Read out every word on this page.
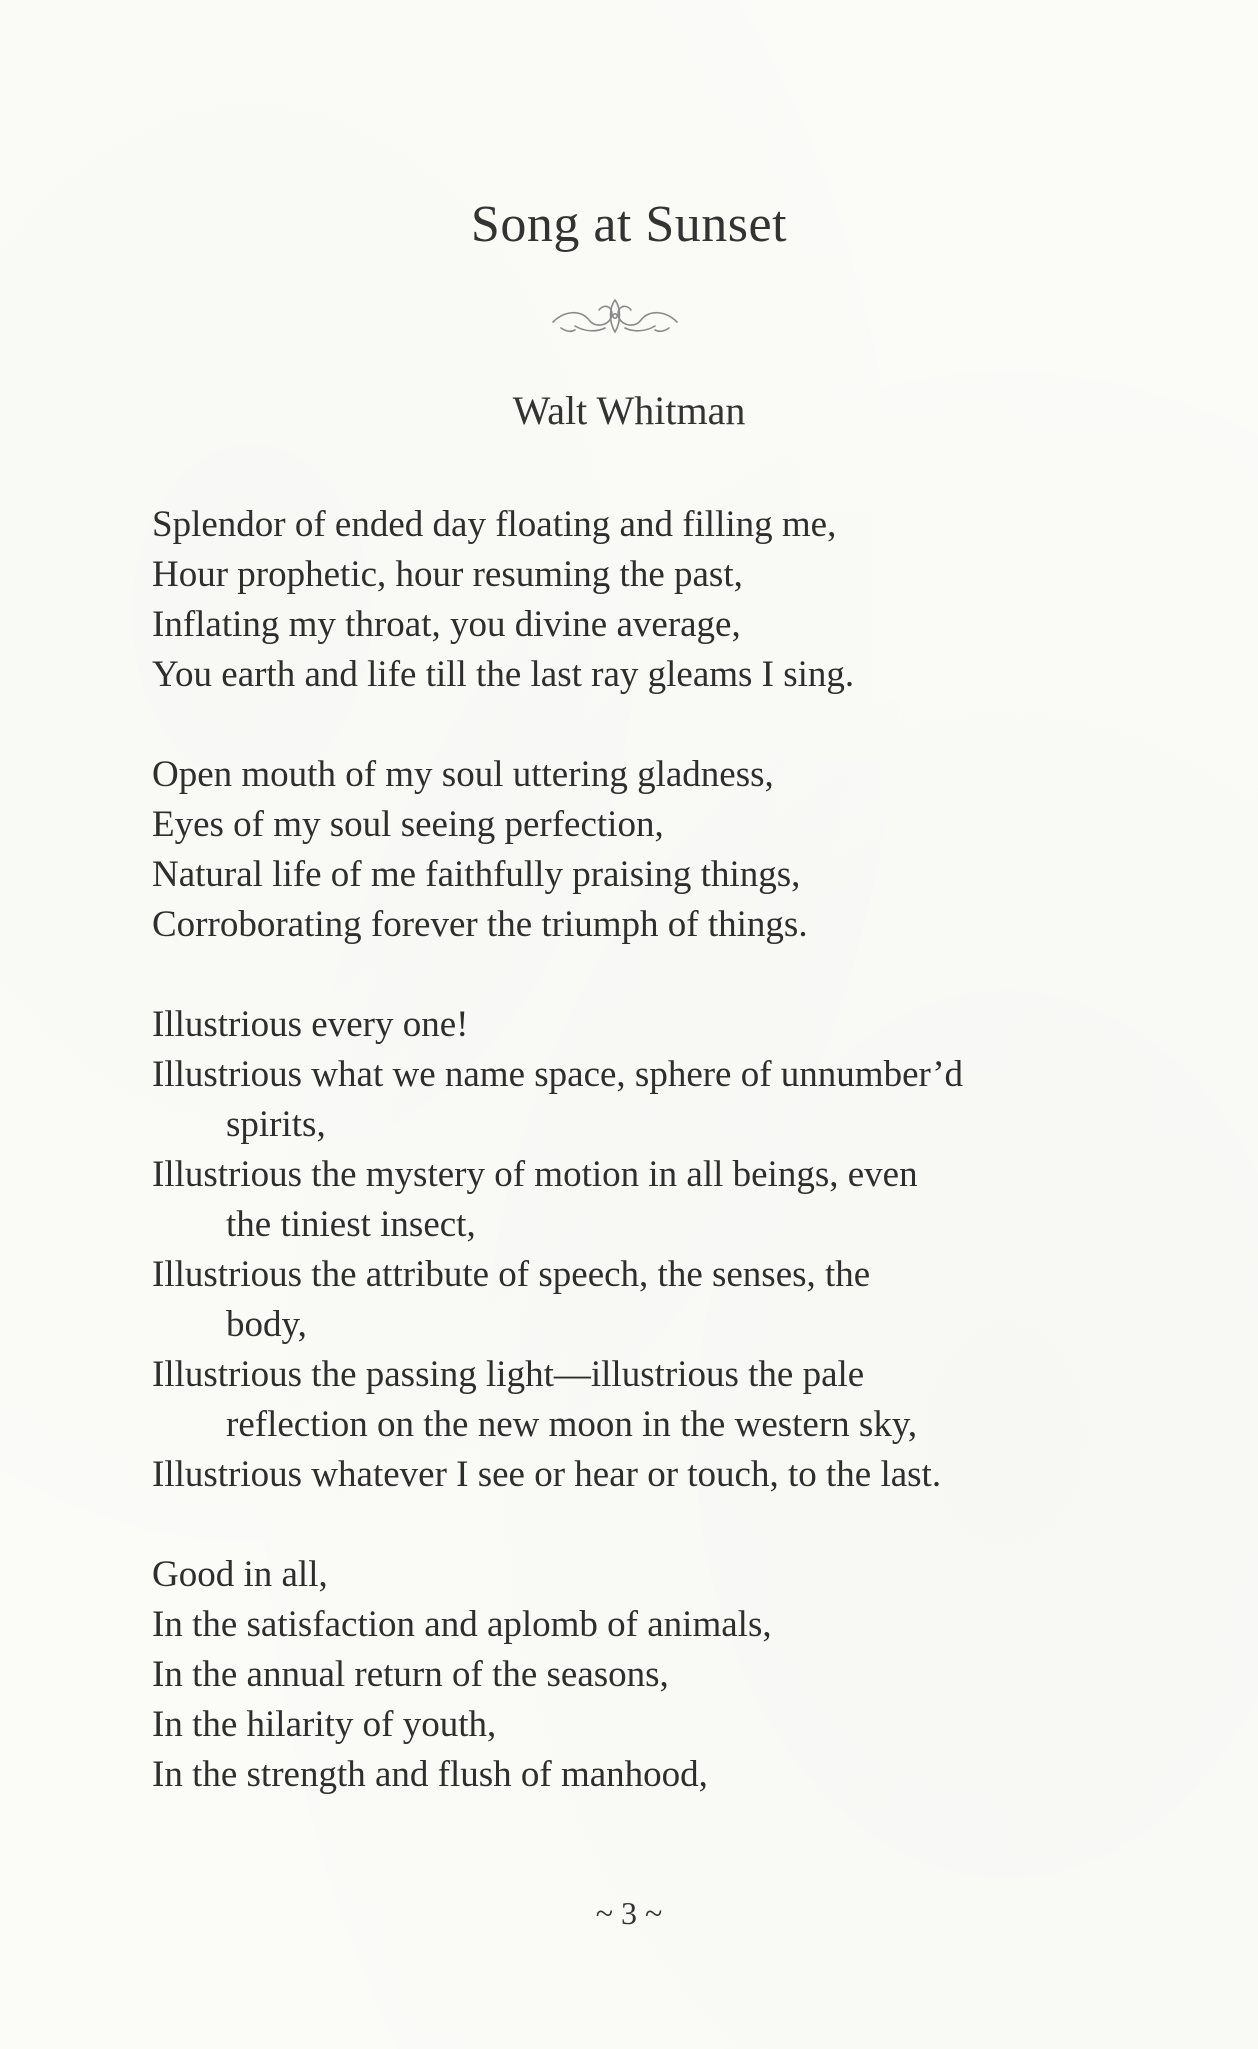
Song at Sunset
Walt Whitman
Splendor of ended day floating and filling me,
Hour prophetic, hour resuming the past,
Inflating my throat, you divine average,
You earth and life till the last ray gleams I sing.
Open mouth of my soul uttering gladness,
Eyes of my soul seeing perfection,
Natural life of me faithfully praising things,
Corroborating forever the triumph of things.
Illustrious every one!
Illustrious what we name space, sphere of unnumber’d
spirits,
Illustrious the mystery of motion in all beings, even
the tiniest insect,
Illustrious the attribute of speech, the senses, the
body,
Illustrious the passing light—illustrious the pale
reflection on the new moon in the western sky,
Illustrious whatever I see or hear or touch, to the last.
Good in all,
In the satisfaction and aplomb of animals,
In the annual return of the seasons,
In the hilarity of youth,
In the strength and flush of manhood,
~ 3 ~
